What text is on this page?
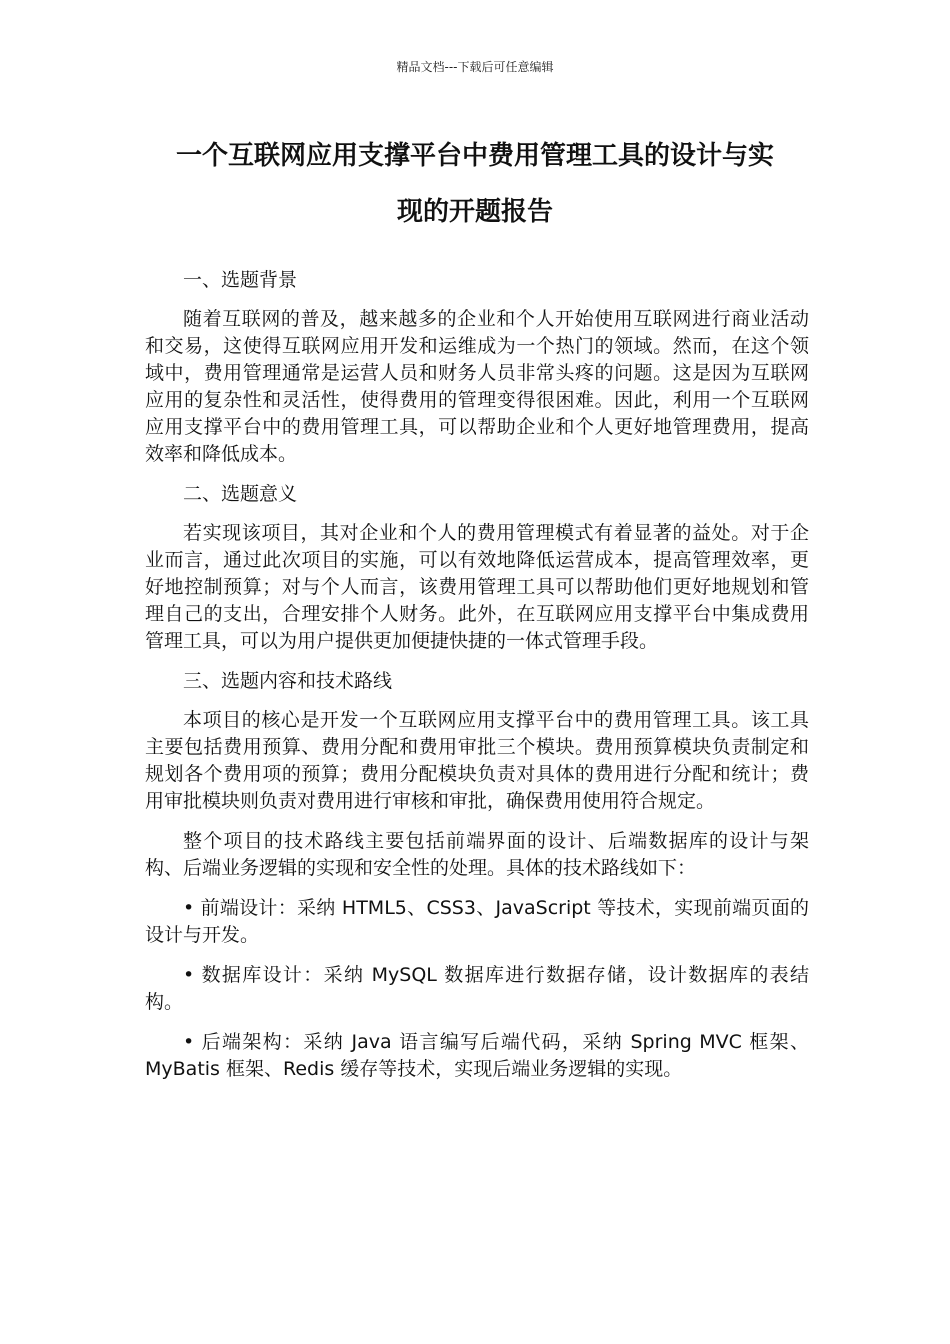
精品文档---下载后可任意编辑
一个互联网应用支撑平台中费用管理工具的设计与实
现的开题报告

一、选题背景

随着互联网的普及，越来越多的企业和个人开始使用互联网进行商业活动和交易，这使得互联网应用开发和运维成为一个热门的领域。然而，在这个领域中，费用管理通常是运营人员和财务人员非常头疼的问题。这是因为互联网应用的复杂性和灵活性，使得费用的管理变得很困难。因此，利用一个互联网应用支撑平台中的费用管理工具，可以帮助企业和个人更好地管理费用，提高效率和降低成本。

二、选题意义

若实现该项目，其对企业和个人的费用管理模式有着显著的益处。对于企业而言，通过此次项目的实施，可以有效地降低运营成本，提高管理效率，更好地控制预算；对与个人而言，该费用管理工具可以帮助他们更好地规划和管理自己的支出，合理安排个人财务。此外，在互联网应用支撑平台中集成费用管理工具，可以为用户提供更加便捷快捷的一体式管理手段。

三、选题内容和技术路线

本项目的核心是开发一个互联网应用支撑平台中的费用管理工具。该工具主要包括费用预算、费用分配和费用审批三个模块。费用预算模块负责制定和规划各个费用项的预算；费用分配模块负责对具体的费用进行分配和统计；费用审批模块则负责对费用进行审核和审批，确保费用使用符合规定。

整个项目的技术路线主要包括前端界面的设计、后端数据库的设计与架构、后端业务逻辑的实现和安全性的处理。具体的技术路线如下：

• 前端设计：采纳 HTML5、CSS3、JavaScript 等技术，实现前端页面的设计与开发。

• 数据库设计：采纳 MySQL 数据库进行数据存储，设计数据库的表结构。

• 后端架构：采纳 Java 语言编写后端代码，采纳 Spring MVC 框架、MyBatis 框架、Redis 缓存等技术，实现后端业务逻辑的实现。
